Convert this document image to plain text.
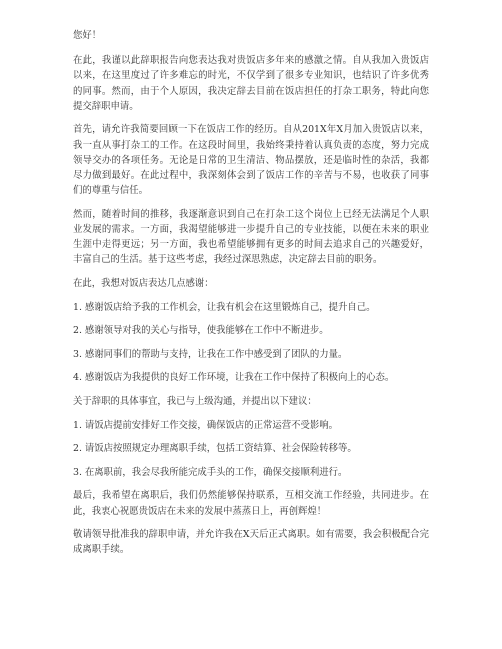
您好！

在此，我谨以此辞职报告向您表达我对贵饭店多年来的感激之情。自从我加入贵饭店以来，在这里度过了许多难忘的时光，不仅学到了很多专业知识，也结识了许多优秀的同事。然而，由于个人原因，我决定辞去目前在饭店担任的打杂工职务，特此向您提交辞职申请。

首先，请允许我简要回顾一下在饭店工作的经历。自从201X年X月加入贵饭店以来，我一直从事打杂工的工作。在这段时间里，我始终秉持着认真负责的态度，努力完成领导交办的各项任务。无论是日常的卫生清洁、物品摆放，还是临时性的杂活，我都尽力做到最好。在此过程中，我深刻体会到了饭店工作的辛苦与不易，也收获了同事们的尊重与信任。

然而，随着时间的推移，我逐渐意识到自己在打杂工这个岗位上已经无法满足个人职业发展的需求。一方面，我渴望能够进一步提升自己的专业技能，以便在未来的职业生涯中走得更远；另一方面，我也希望能够拥有更多的时间去追求自己的兴趣爱好，丰富自己的生活。基于这些考虑，我经过深思熟虑，决定辞去目前的职务。

在此，我想对饭店表达几点感谢：

1. 感谢饭店给予我的工作机会，让我有机会在这里锻炼自己，提升自己。

2. 感谢领导对我的关心与指导，使我能够在工作中不断进步。

3. 感谢同事们的帮助与支持，让我在工作中感受到了团队的力量。

4. 感谢饭店为我提供的良好工作环境，让我在工作中保持了积极向上的心态。

关于辞职的具体事宜，我已与上级沟通，并提出以下建议：

1. 请饭店提前安排好工作交接，确保饭店的正常运营不受影响。

2. 请饭店按照规定办理离职手续，包括工资结算、社会保险转移等。

3. 在离职前，我会尽我所能完成手头的工作，确保交接顺利进行。

最后，我希望在离职后，我们仍然能够保持联系，互相交流工作经验，共同进步。在此，我衷心祝愿贵饭店在未来的发展中蒸蒸日上，再创辉煌！

敬请领导批准我的辞职申请，并允许我在X天后正式离职。如有需要，我会积极配合完成离职手续。
